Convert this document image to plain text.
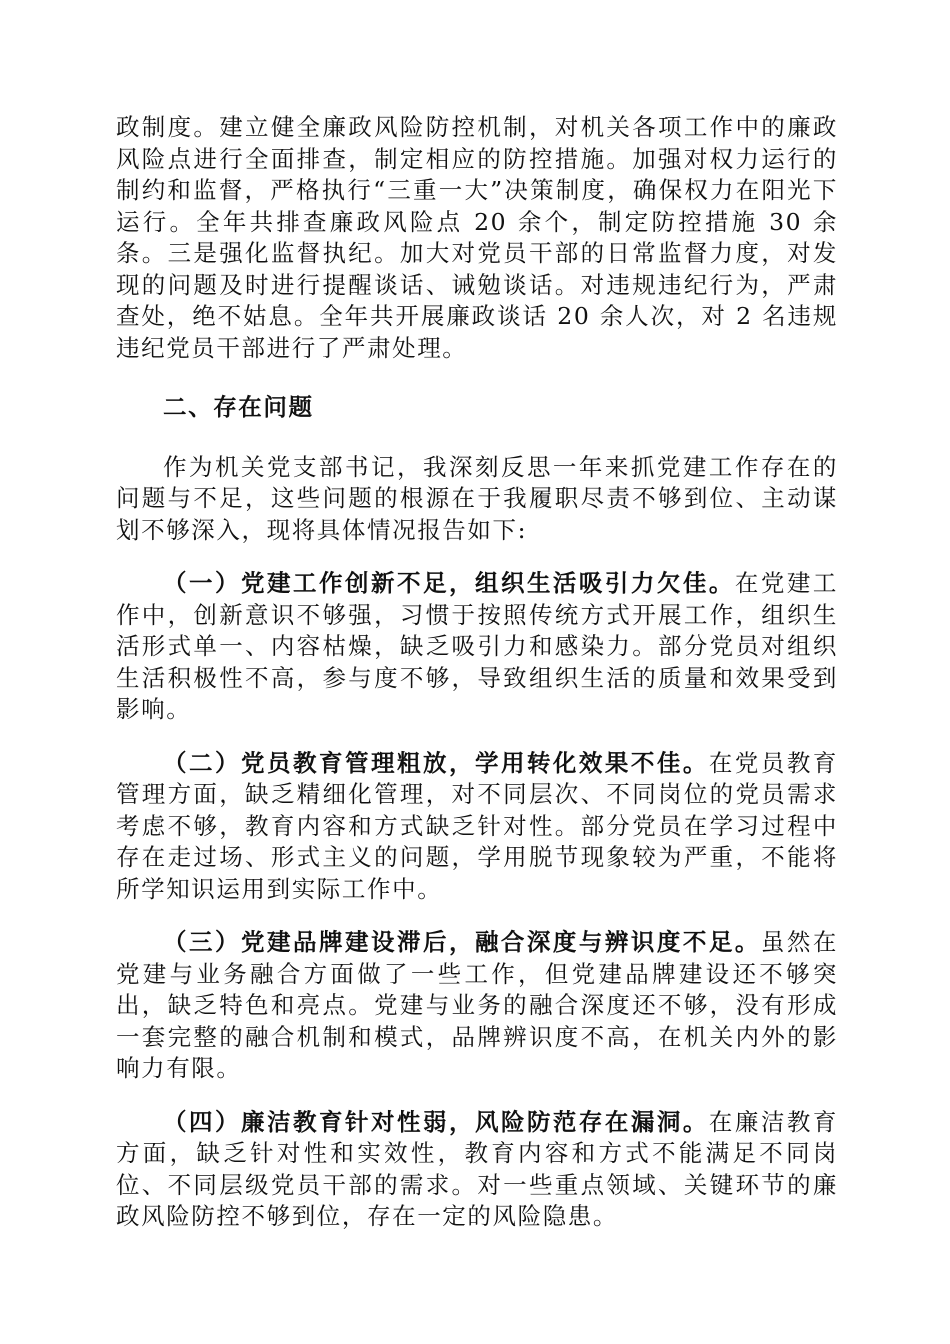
政制度。建立健全廉政风险防控机制，对机关各项工作中的廉政风险点进行全面排查，制定相应的防控措施。加强对权力运行的制约和监督，严格执行“三重一大”决策制度，确保权力在阳光下运行。全年共排查廉政风险点 20 余个，制定防控措施 30 余条。三是强化监督执纪。加大对党员干部的日常监督力度，对发现的问题及时进行提醒谈话、诫勉谈话。对违规违纪行为，严肃查处，绝不姑息。全年共开展廉政谈话 20 余人次，对 2 名违规违纪党员干部进行了严肃处理。

二、存在问题

作为机关党支部书记，我深刻反思一年来抓党建工作存在的问题与不足，这些问题的根源在于我履职尽责不够到位、主动谋划不够深入，现将具体情况报告如下:

（一）党建工作创新不足，组织生活吸引力欠佳。在党建工作中，创新意识不够强，习惯于按照传统方式开展工作，组织生活形式单一、内容枯燥，缺乏吸引力和感染力。部分党员对组织生活积极性不高，参与度不够，导致组织生活的质量和效果受到影响。

（二）党员教育管理粗放，学用转化效果不佳。在党员教育管理方面，缺乏精细化管理，对不同层次、不同岗位的党员需求考虑不够，教育内容和方式缺乏针对性。部分党员在学习过程中存在走过场、形式主义的问题，学用脱节现象较为严重，不能将所学知识运用到实际工作中。

（三）党建品牌建设滞后，融合深度与辨识度不足。虽然在党建与业务融合方面做了一些工作，但党建品牌建设还不够突出，缺乏特色和亮点。党建与业务的融合深度还不够，没有形成一套完整的融合机制和模式，品牌辨识度不高，在机关内外的影响力有限。

（四）廉洁教育针对性弱，风险防范存在漏洞。在廉洁教育方面，缺乏针对性和实效性，教育内容和方式不能满足不同岗位、不同层级党员干部的需求。对一些重点领域、关键环节的廉政风险防控不够到位，存在一定的风险隐患。
